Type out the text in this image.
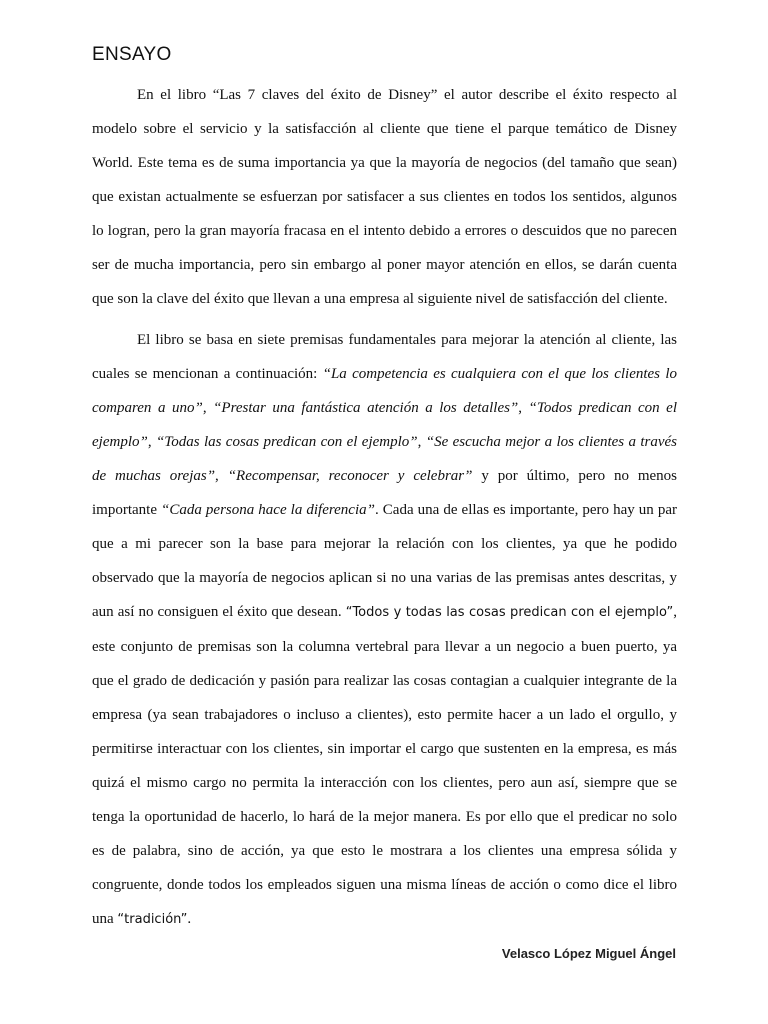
ENSAYO

En el libro “Las 7 claves del éxito de Disney” el autor describe el éxito respecto al modelo sobre el servicio y la satisfacción al cliente que tiene el parque temático de Disney World. Este tema es de suma importancia ya que la mayoría de negocios (del tamaño que sean) que existan actualmente se esfuerzan por satisfacer a sus clientes en todos los sentidos, algunos lo logran, pero la gran mayoría fracasa en el intento debido a errores o descuidos que no parecen ser de mucha importancia, pero sin embargo al poner mayor atención en ellos, se darán cuenta que son la clave del éxito que llevan a una empresa al siguiente nivel de satisfacción del cliente.

El libro se basa en siete premisas fundamentales para mejorar la atención al cliente, las cuales se mencionan a continuación: “La competencia es cualquiera con el que los clientes lo comparen a uno”, “Prestar una fantástica atención a los detalles”, “Todos predican con el ejemplo”, “Todas las cosas predican con el ejemplo”, “Se escucha mejor a los clientes a través de muchas orejas”, “Recompensar, reconocer y celebrar” y por último, pero no menos importante “Cada persona hace la diferencia”. Cada una de ellas es importante, pero hay un par que a mi parecer son la base para mejorar la relación con los clientes, ya que he podido observado que la mayoría de negocios aplican si no una varias de las premisas antes descritas, y aun así no consiguen el éxito que desean. “Todos y todas las cosas predican con el ejemplo”, este conjunto de premisas son la columna vertebral para llevar a un negocio a buen puerto, ya que el grado de dedicación y pasión para realizar las cosas contagian a cualquier integrante de la empresa (ya sean trabajadores o incluso a clientes), esto permite hacer a un lado el orgullo, y permitirse interactuar con los clientes, sin importar el cargo que sustenten en la empresa, es más quizá el mismo cargo no permita la interacción con los clientes, pero aun así, siempre que se tenga la oportunidad de hacerlo, lo hará de la mejor manera. Es por ello que el predicar no solo es de palabra, sino de acción, ya que esto le mostrara a los clientes una empresa sólida y congruente, donde todos los empleados siguen una misma líneas de acción o como dice el libro una “tradición”.

Velasco López Miguel Ángel
